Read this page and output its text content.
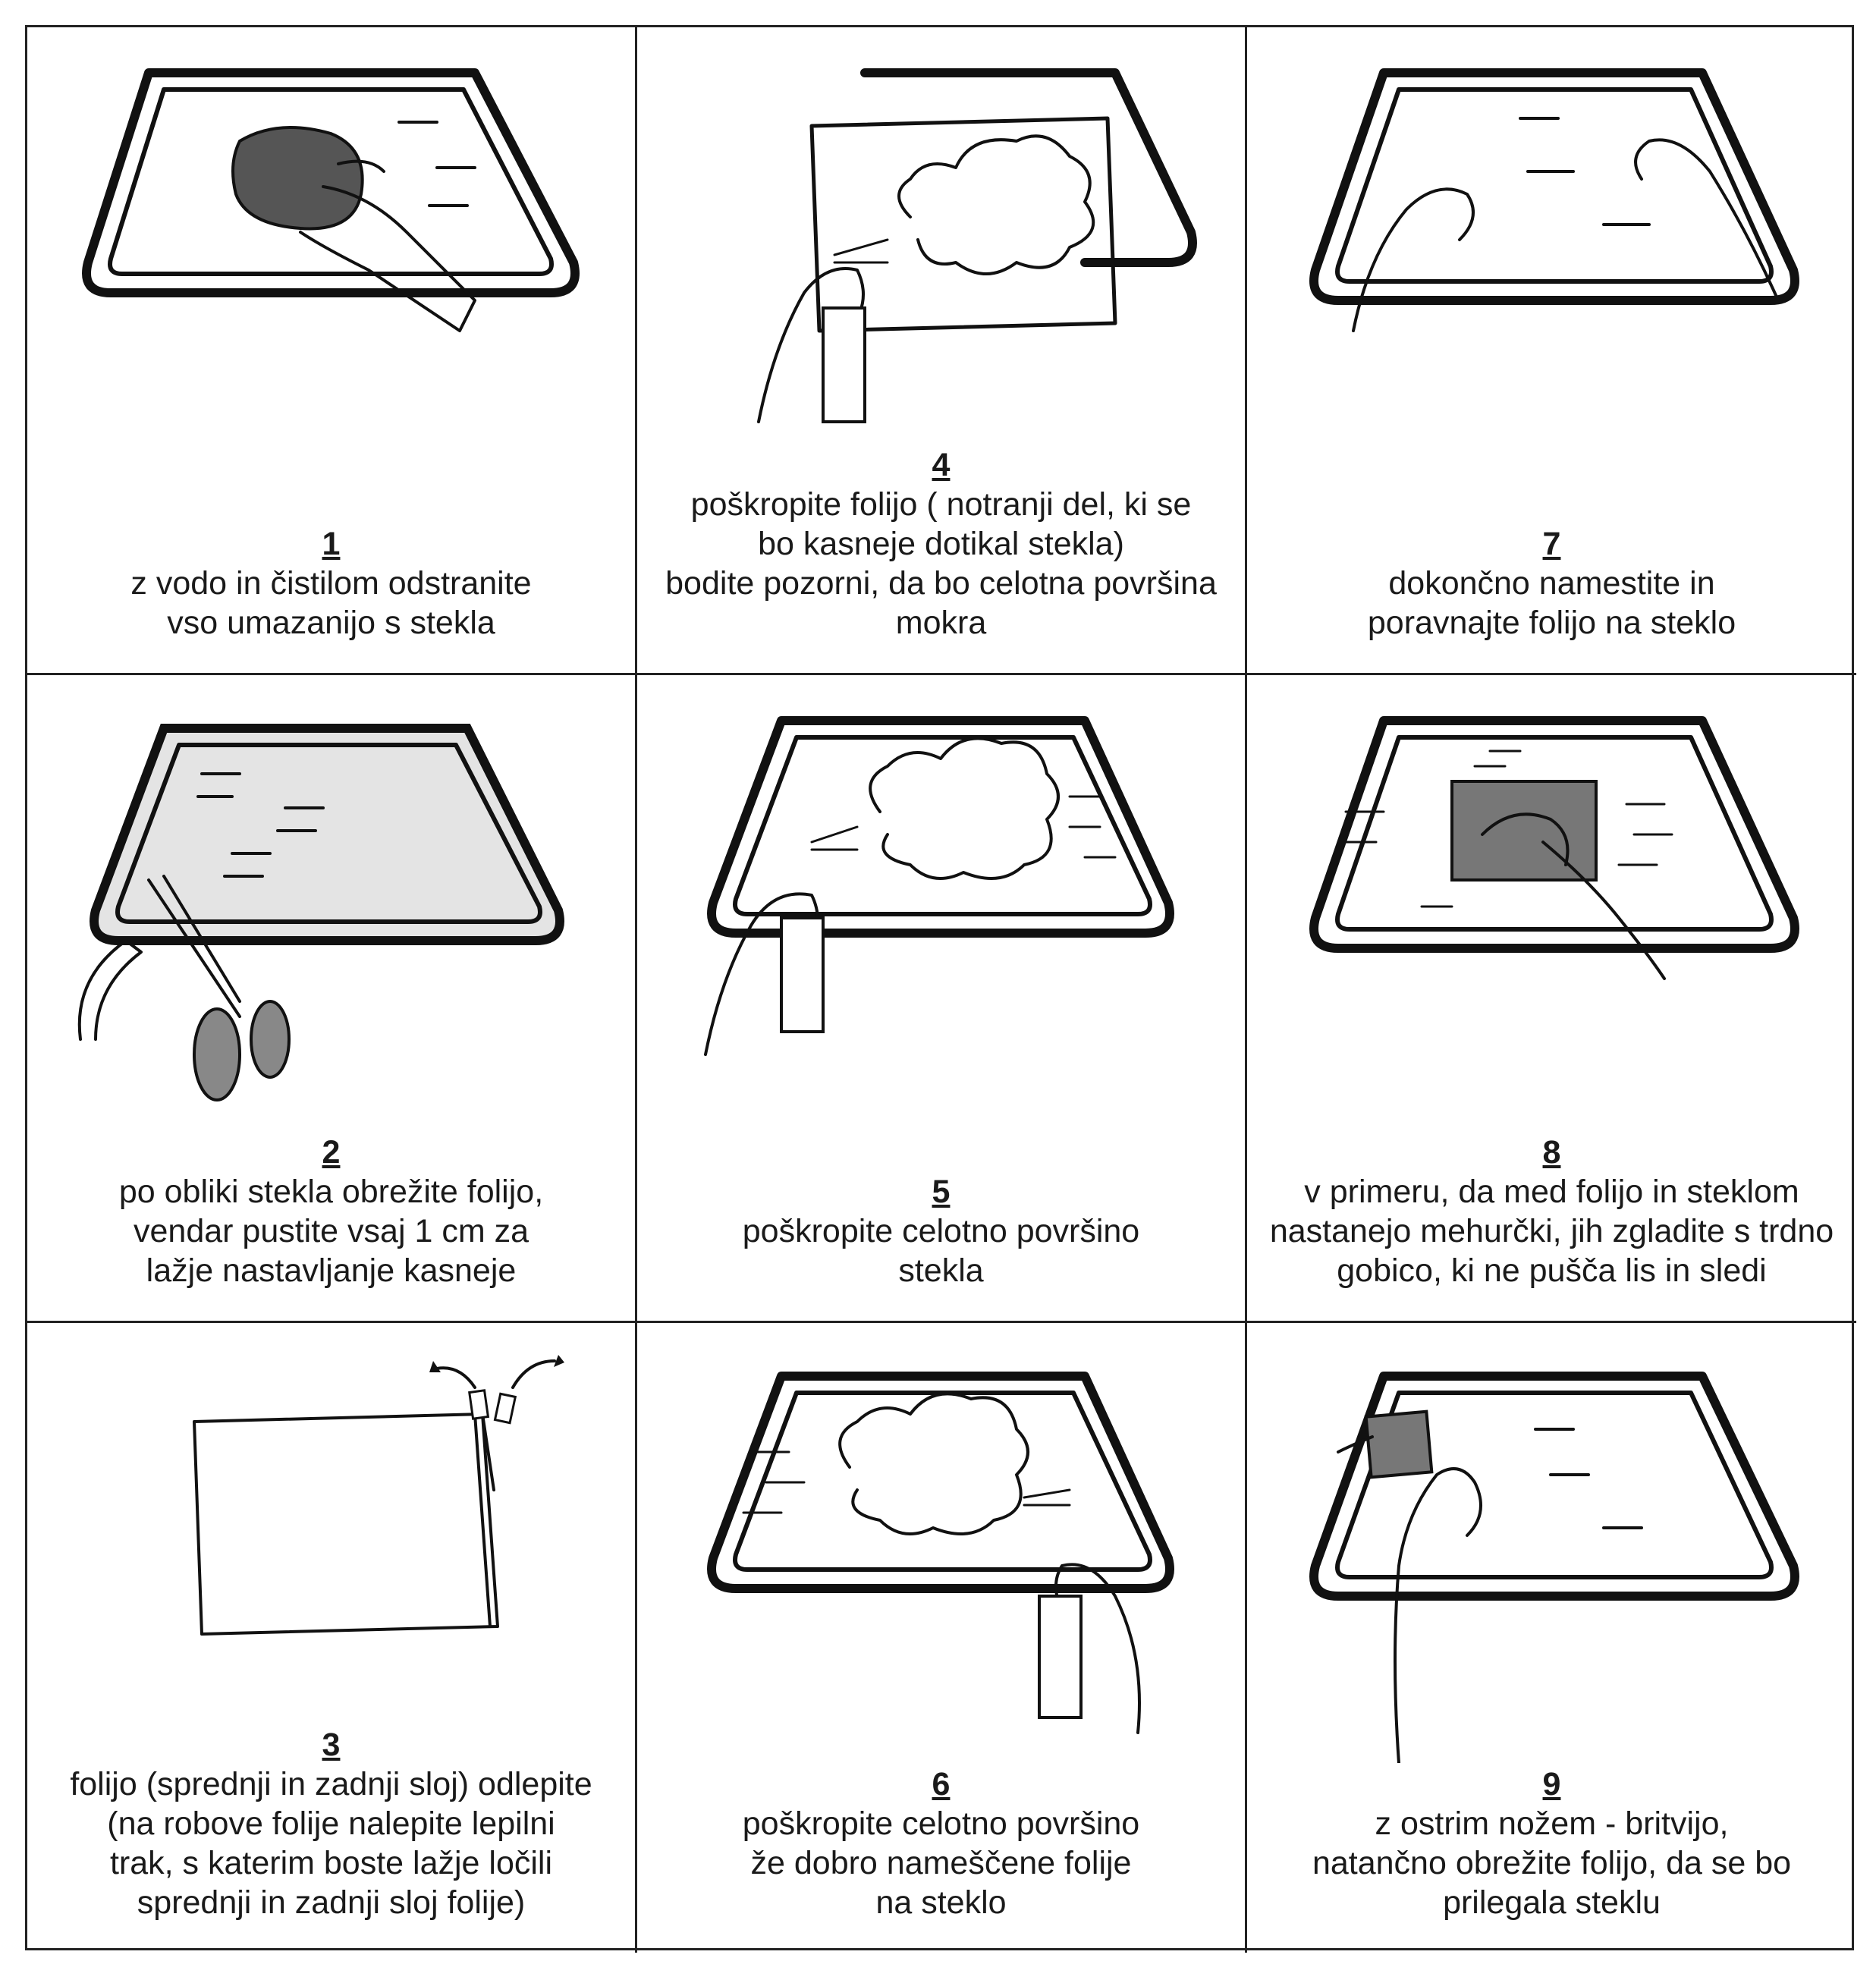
1
z vodo in čistilom odstranite
vso umazanijo s stekla
4
poškropite folijo ( notranji del, ki se
bo kasneje dotikal stekla)
bodite pozorni, da bo celotna površina
mokra
7
dokončno namestite in
poravnajte folijo na steklo
2
po obliki stekla obrežite folijo,
vendar pustite vsaj 1 cm za
lažje nastavljanje kasneje
5
poškropite celotno površino
stekla
8
v primeru, da med folijo in steklom
nastanejo mehurčki, jih zgladite s trdno
gobico, ki ne pušča lis in sledi
3
folijo (sprednji in zadnji sloj) odlepite
(na robove folije nalepite lepilni
trak, s katerim boste lažje ločili
sprednji in zadnji sloj folije)
6
poškropite celotno površino
že dobro nameščene folije
na steklo
9
z ostrim nožem - britvijo,
natančno obrežite folijo, da se bo
prilegala steklu
